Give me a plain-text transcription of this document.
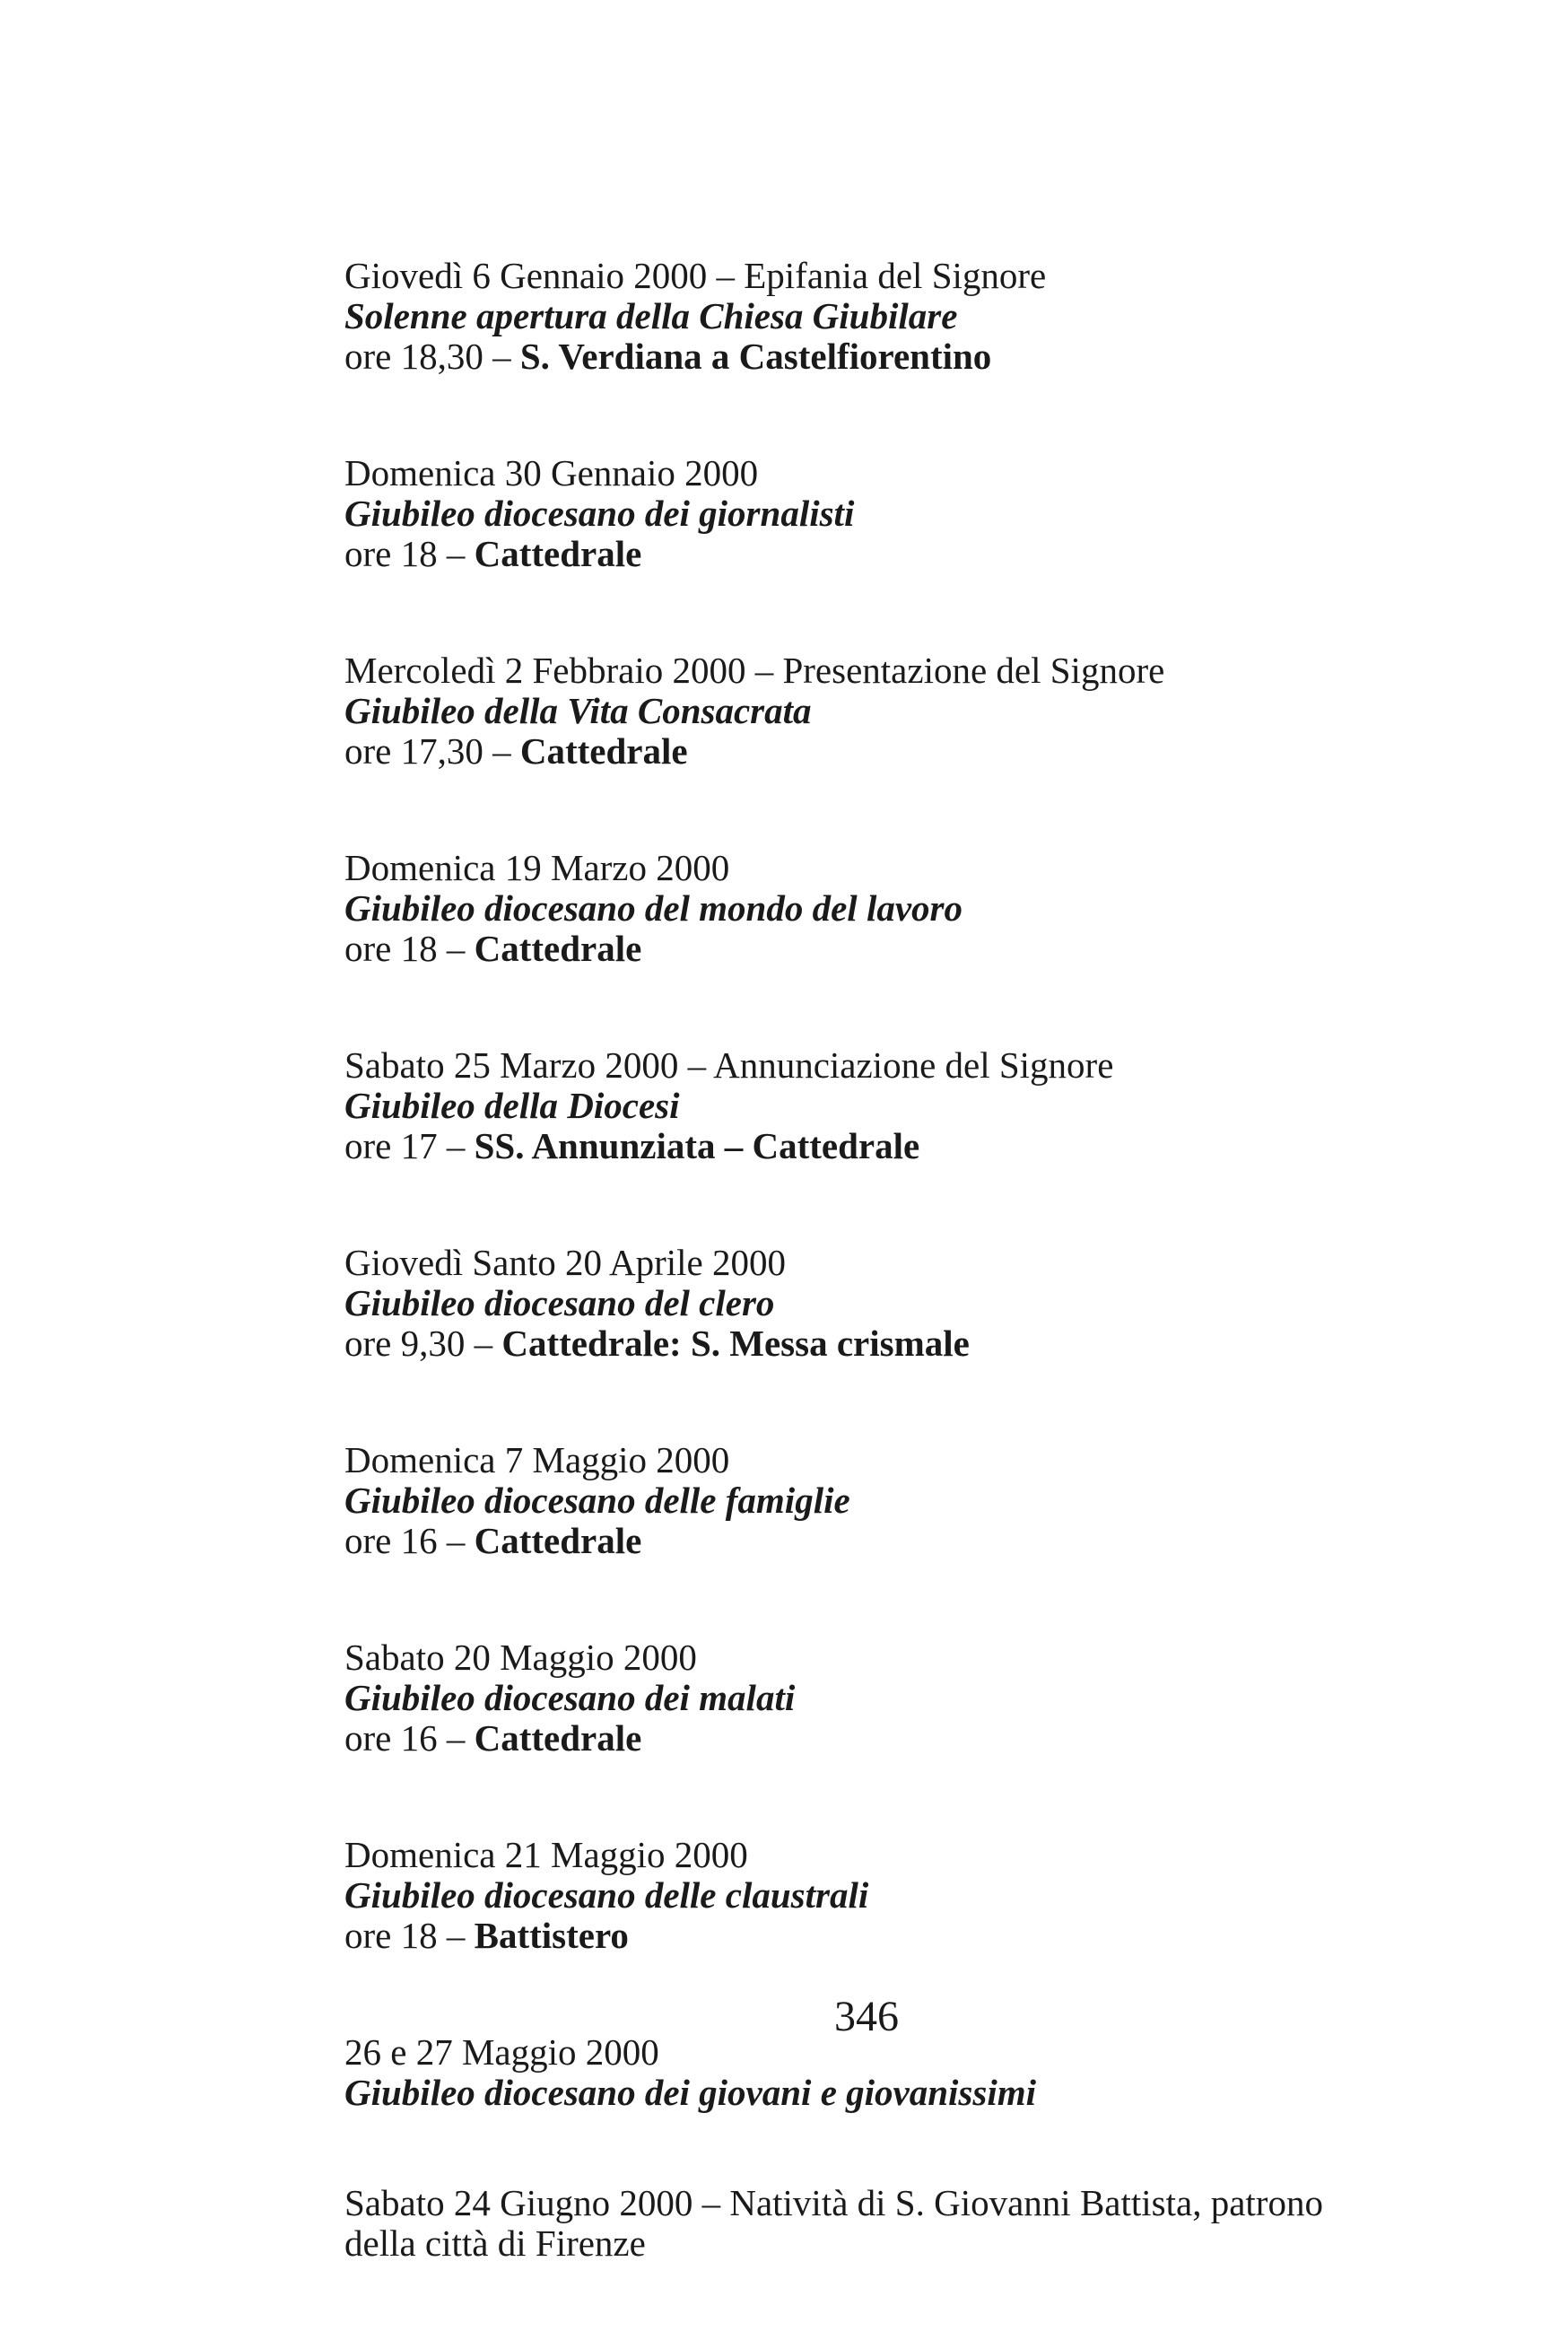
Giovedì 6 Gennaio 2000 – Epifania del Signore
Solenne apertura della Chiesa Giubilare
ore 18,30 – S. Verdiana a Castelfiorentino
Domenica 30 Gennaio 2000
Giubileo diocesano dei giornalisti
ore 18 – Cattedrale
Mercoledì 2 Febbraio 2000 – Presentazione del Signore
Giubileo della Vita Consacrata
ore 17,30 – Cattedrale
Domenica 19 Marzo 2000
Giubileo diocesano del mondo del lavoro
ore 18 – Cattedrale
Sabato 25 Marzo 2000 – Annunciazione del Signore
Giubileo della Diocesi
ore 17 – SS. Annunziata – Cattedrale
Giovedì Santo 20 Aprile 2000
Giubileo diocesano del clero
ore 9,30 – Cattedrale: S. Messa crismale
Domenica 7 Maggio 2000
Giubileo diocesano delle famiglie
ore 16 – Cattedrale
Sabato 20 Maggio 2000
Giubileo diocesano dei malati
ore 16 – Cattedrale
Domenica 21 Maggio 2000
Giubileo diocesano delle claustrali
ore 18 – Battistero
26 e 27 Maggio 2000
Giubileo diocesano dei giovani e giovanissimi
Sabato 24 Giugno 2000 – Natività di S. Giovanni Battista, patrono della città di Firenze
346
